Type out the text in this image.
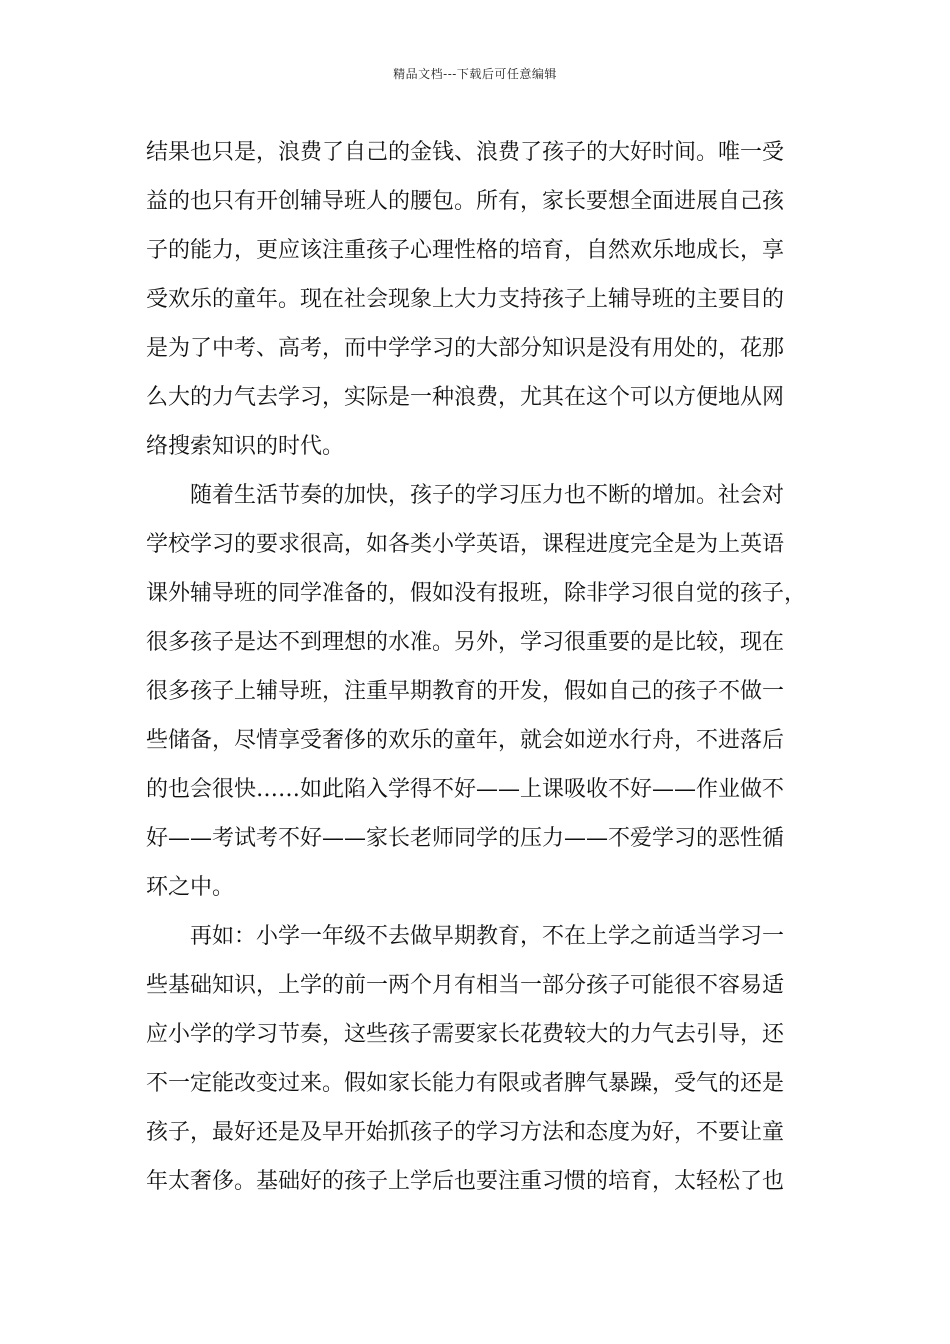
精品文档---下载后可任意编辑
结果也只是，浪费了自己的金钱、浪费了孩子的大好时间。唯一受
益的也只有开创辅导班人的腰包。所有，家长要想全面进展自己孩
子的能力，更应该注重孩子心理性格的培育，自然欢乐地成长，享
受欢乐的童年。现在社会现象上大力支持孩子上辅导班的主要目的
是为了中考、高考，而中学学习的大部分知识是没有用处的，花那
么大的力气去学习，实际是一种浪费，尤其在这个可以方便地从网
络搜索知识的时代。
随着生活节奏的加快，孩子的学习压力也不断的增加。社会对
学校学习的要求很高，如各类小学英语，课程进度完全是为上英语
课外辅导班的同学准备的，假如没有报班，除非学习很自觉的孩子，
很多孩子是达不到理想的水准。另外，学习很重要的是比较，现在
很多孩子上辅导班，注重早期教育的开发，假如自己的孩子不做一
些储备，尽情享受奢侈的欢乐的童年，就会如逆水行舟，不进落后
的也会很快……如此陷入学得不好——上课吸收不好——作业做不
好——考试考不好——家长老师同学的压力——不爱学习的恶性循
环之中。
再如：小学一年级不去做早期教育，不在上学之前适当学习一
些基础知识，上学的前一两个月有相当一部分孩子可能很不容易适
应小学的学习节奏，这些孩子需要家长花费较大的力气去引导，还
不一定能改变过来。假如家长能力有限或者脾气暴躁，受气的还是
孩子，最好还是及早开始抓孩子的学习方法和态度为好，不要让童
年太奢侈。基础好的孩子上学后也要注重习惯的培育，太轻松了也
